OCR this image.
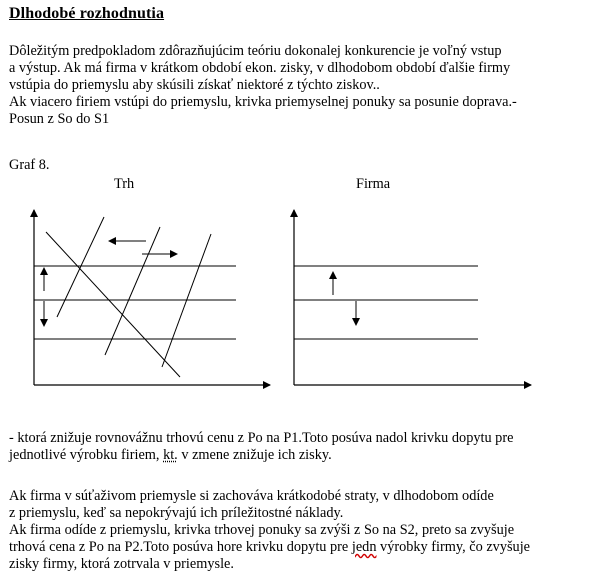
Dlhodobé rozhodnutia
Dôležitým predpokladom zdôrazňujúcim teóriu dokonalej konkurencie je voľný vstup
a výstup. Ak má firma v krátkom období ekon. zisky, v dlhodobom období ďalšie firmy
vstúpia do priemyslu aby skúsili získať niektoré z týchto ziskov..
Ak viacero firiem vstúpi do priemyslu, krivka priemyselnej ponuky sa posunie doprava.-
Posun z So do S1
Graf 8.
Trh	Firma
- ktorá znižuje rovnovážnu trhovú cenu z Po na P1.Toto posúva nadol krivku dopytu pre
jednotlivé výrobku firiem, kt. v zmene znižuje ich zisky.
Ak firma v súťaživom priemysle si zachováva krátkodobé straty, v dlhodobom odíde
z priemyslu, keď sa nepokrývajú ich príležitostné náklady.
Ak firma odíde z priemyslu, krivka trhovej ponuky sa zvýši z So na S2, preto sa zvyšuje
trhová cena z Po na P2.Toto posúva hore krivku dopytu pre jedn výrobky firmy, čo zvyšuje
zisky firmy, ktorá zotrvala v priemysle.
